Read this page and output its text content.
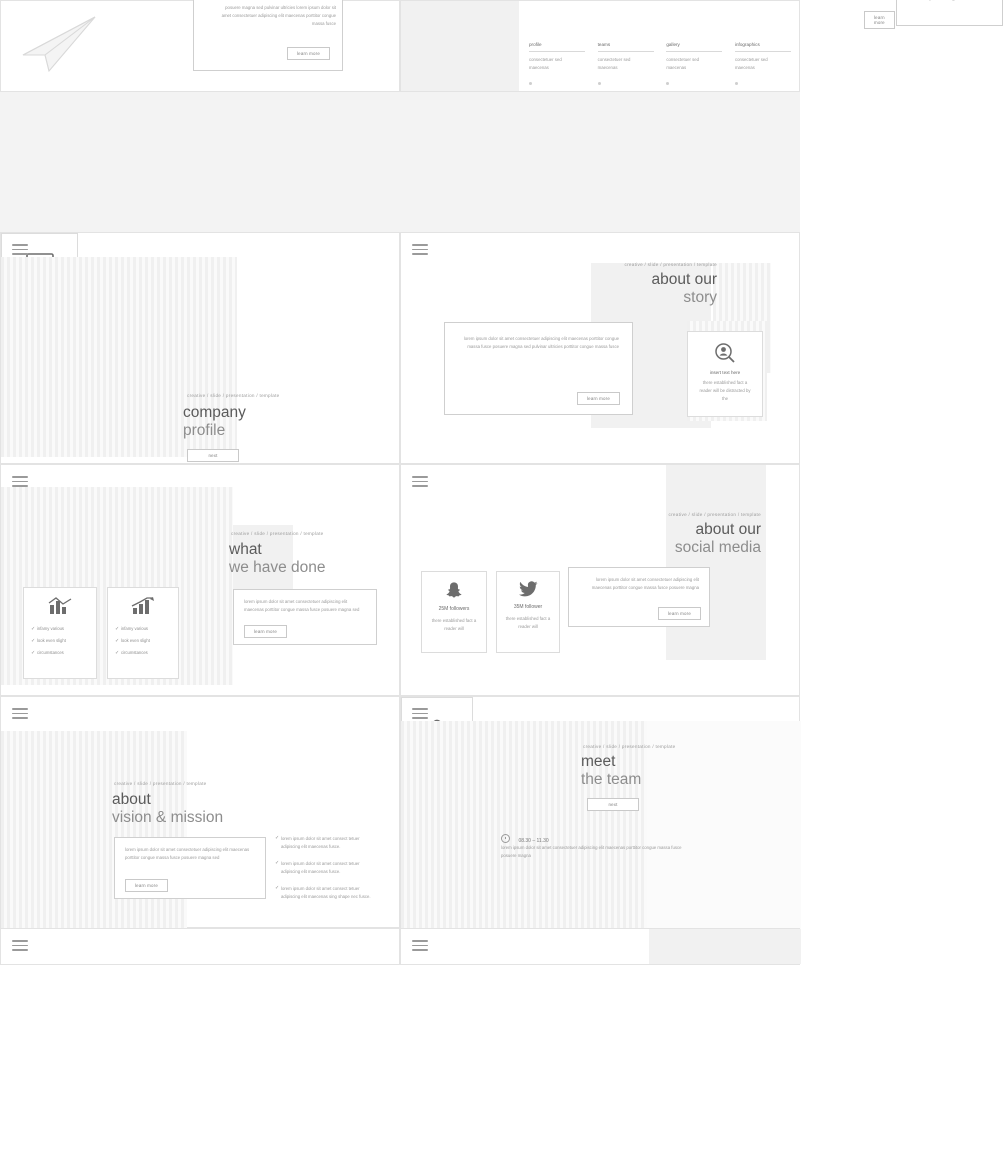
posuere magna sed pulvinar ultricies lorem ipsum dolor sit amet consectetuer adipiscing elit maecenas porttitor congue massa fusce
learn more
learn more
profile
consectetuer sed maecenas
teams
consectetuer sed maecenas
gallery
consectetuer sed maecenas
infographics
consectetuer sed maecenas
creative / slide / presentation / template
company
profile
next
creative / slide / presentation / template
about our
story
lorem ipsum dolor sit amet consectetuer adipiscing elit maecenas porttitor congue massa fusce posuere magna sed pulvinar ultricies porttitor congue massa fusce
learn more
insert text here
there established fact a reader will be distracted by the
creative / slide / presentation / template
what
we have done
lorem ipsum dolor sit amet consectetuer adipiscing elit maecenas porttitor congue massa fusce posuere magna sed
learn more
✓ infamy various
✓ look even slight
✓ circumstances
✓ infamy various
✓ look even slight
✓ circumstances
creative / slide / presentation / template
about our
social media
25M followers
there established fact a reader will
35M follower
there established fact a reader will
lorem ipsum dolor sit amet consectetuer adipiscing elit maecenas porttitor congue massa fusce posuere magna
learn more
creative / slide / presentation / template
about
vision & mission
lorem ipsum dolor sit amet consectetuer adipiscing elit maecenas porttitor congue massa fusce posuere magna sed
learn more
✓ lorem ipsum dolor sit amet consect tetuer adipiscing elit maecenas fusce.
✓ lorem ipsum dolor sit amet consect tetuer adipiscing elit maecenas fusce.
✓ lorem ipsum dolor sit amet consect tetuer adipiscing elit maecenas sing shape nec fusce.
creative / slide / presentation / template
meet
the team
next
08.30 – 11.30
lorem ipsum dolor sit amet consectetuer adipiscing elit maecenas porttitor congue massa fusce posuere magna
